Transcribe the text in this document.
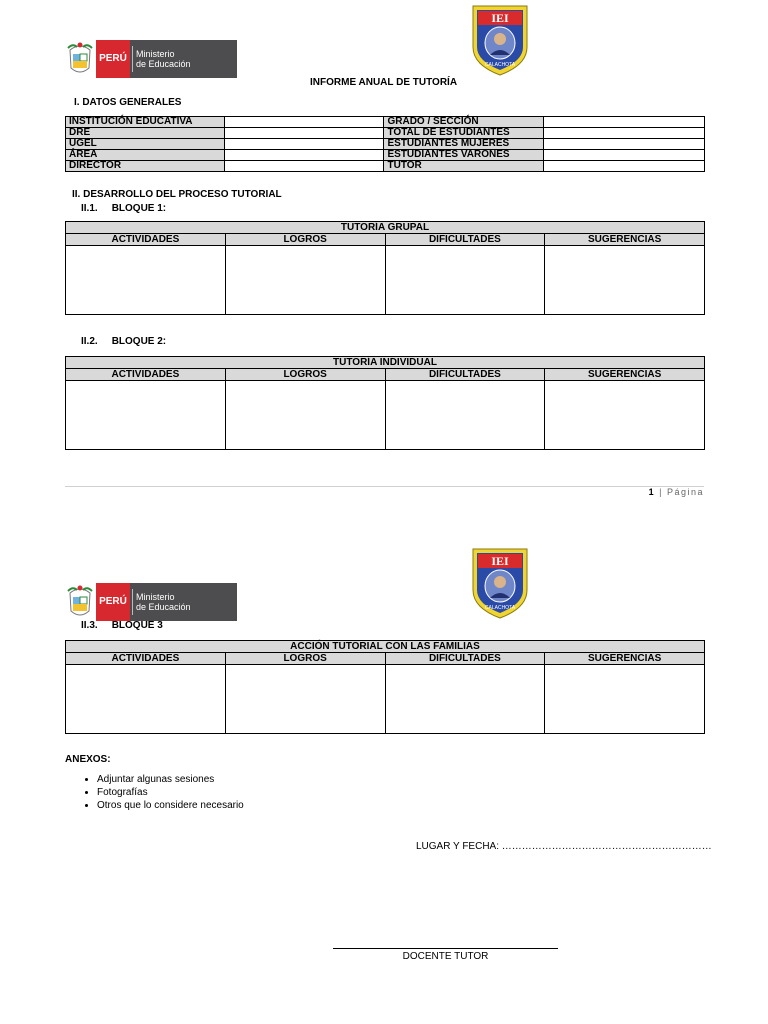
PERÚ	Ministerio
de Educación
IEI
CALACHOTA
INFORME ANUAL DE TUTORÍA
I. DATOS GENERALES
INSTITUCIÓN EDUCATIVA		GRADO / SECCIÓN	
DRE		TOTAL DE ESTUDIANTES	
UGEL		ESTUDIANTES MUJERES	
ÁREA		ESTUDIANTES VARONES	
DIRECTOR		TUTOR	
II. DESARROLLO DEL PROCESO TUTORIAL
II.1. BLOQUE 1:
TUTORÍA GRUPAL			
ACTIVIDADES	LOGROS	DIFICULTADES	SUGERENCIAS

II.2. BLOQUE 2:
TUTORÍA INDIVIDUAL			
ACTIVIDADES	LOGROS	DIFICULTADES	SUGERENCIAS

1 | Página
PERÚ	Ministerio
de Educación
IEI
CALACHOTA
II.3. BLOQUE 3
ACCIÓN TUTORIAL CON LAS FAMILIAS			
ACTIVIDADES	LOGROS	DIFICULTADES	SUGERENCIAS

ANEXOS:
• Adjuntar algunas sesiones
• Fotografías
• Otros que lo considere necesario
LUGAR Y FECHA: ………………………………………………………
DOCENTE TUTOR
